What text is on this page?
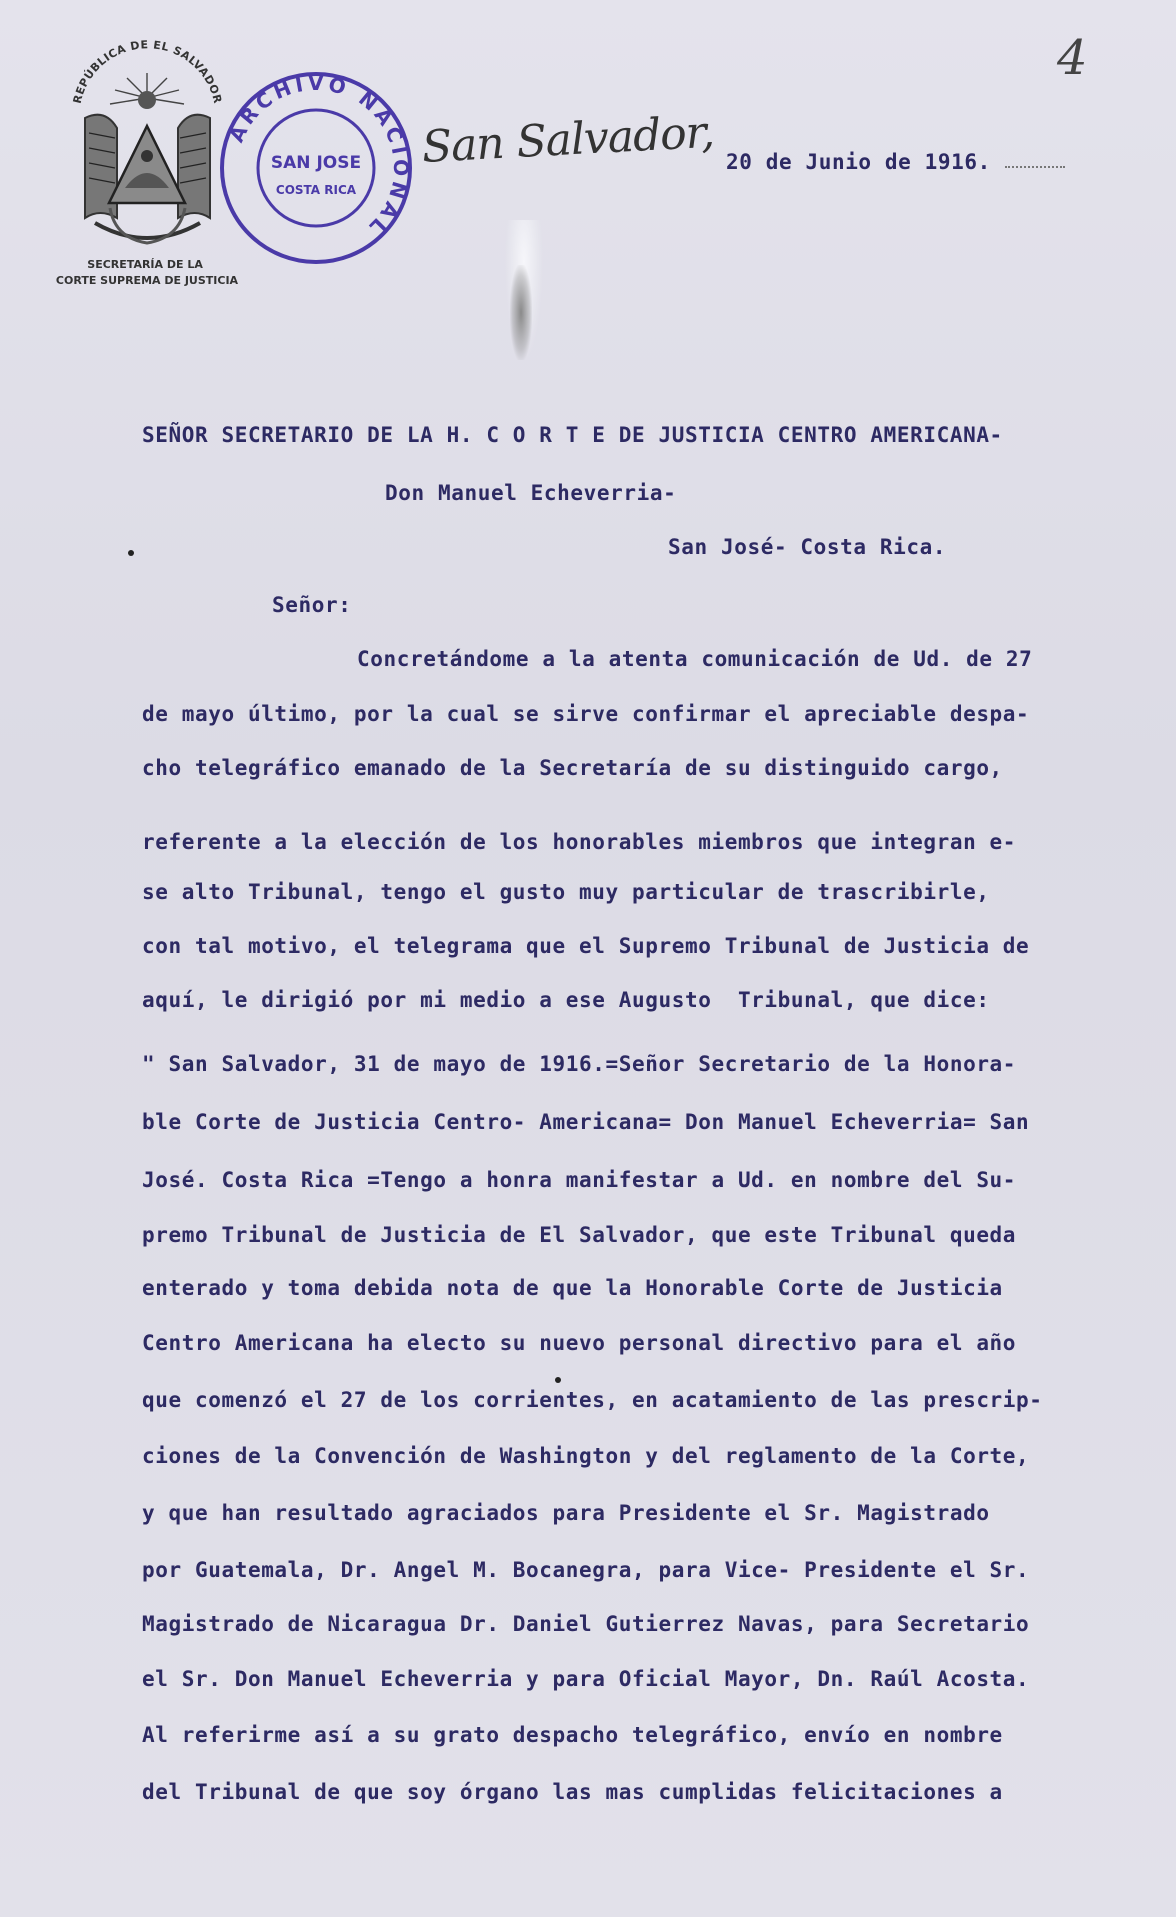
4
REPÚBLICA DE EL SALVADOR
SECRETARÍA DE LA CORTE SUPREMA DE JUSTICIA
ARCHIVO NACIONAL
SAN JOSE
COSTA RICA
San Salvador, 20 de Junio de 1916.
SEÑOR SECRETARIO DE LA H. C O R T E DE JUSTICIA CENTRO AMERICANA-
Don Manuel Echeverria-
San José- Costa Rica.
Señor:
Concretándome a la atenta comunicación de Ud. de 27
de mayo último, por la cual se sirve confirmar el apreciable despa-
cho telegráfico emanado de la Secretaría de su distinguido cargo,
referente a la elección de los honorables miembros que integran e-
se alto Tribunal, tengo el gusto muy particular de trascribirle,
con tal motivo, el telegrama que el Supremo Tribunal de Justicia de
aquí, le dirigió por mi medio a ese Augusto  Tribunal, que dice:
" San Salvador, 31 de mayo de 1916.=Señor Secretario de la Honora-
ble Corte de Justicia Centro- Americana= Don Manuel Echeverria= San
José. Costa Rica =Tengo a honra manifestar a Ud. en nombre del Su-
premo Tribunal de Justicia de El Salvador, que este Tribunal queda
enterado y toma debida nota de que la Honorable Corte de Justicia
Centro Americana ha electo su nuevo personal directivo para el año
que comenzó el 27 de los corrientes, en acatamiento de las prescrip-
ciones de la Convención de Washington y del reglamento de la Corte,
y que han resultado agraciados para Presidente el Sr. Magistrado
por Guatemala, Dr. Angel M. Bocanegra, para Vice- Presidente el Sr.
Magistrado de Nicaragua Dr. Daniel Gutierrez Navas, para Secretario
el Sr. Don Manuel Echeverria y para Oficial Mayor, Dn. Raúl Acosta.
Al referirme así a su grato despacho telegráfico, envío en nombre
del Tribunal de que soy órgano las mas cumplidas felicitaciones a
